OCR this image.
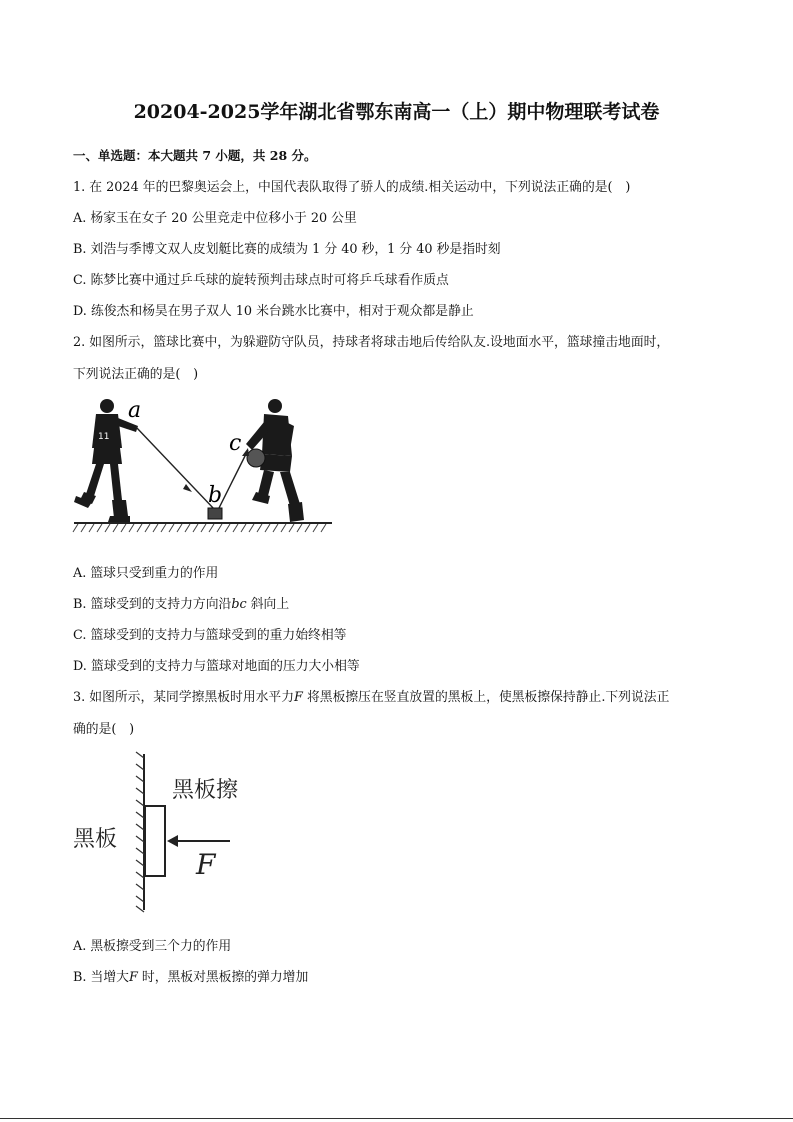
20204-2025学年湖北省鄂东南高一（上）期中物理联考试卷
一、单选题：本大题共 7 小题，共 28 分。
1. 在 2024 年的巴黎奥运会上，中国代表队取得了骄人的成绩.相关运动中，下列说法正确的是(　)
A. 杨家玉在女子 20 公里竞走中位移小于 20 公里
B. 刘浩与季博文双人皮划艇比赛的成绩为 1 分 40 秒，1 分 40 秒是指时刻
C. 陈梦比赛中通过乒乓球的旋转预判击球点时可将乒乓球看作质点
D. 练俊杰和杨昊在男子双人 10 米台跳水比赛中，相对于观众都是静止
2. 如图所示，篮球比赛中，为躲避防守队员，持球者将球击地后传给队友.设地面水平，篮球撞击地面时，
下列说法正确的是(　)
11
a
b
c
A. 篮球只受到重力的作用
B. 篮球受到的支持力方向沿bc 斜向上
C. 篮球受到的支持力与篮球受到的重力始终相等
D. 篮球受到的支持力与篮球对地面的压力大小相等
3. 如图所示，某同学擦黑板时用水平力F 将黑板擦压在竖直放置的黑板上，使黑板擦保持静止.下列说法正
确的是(　)
黑板擦
黑板
F
A. 黑板擦受到三个力的作用
B. 当增大F 时，黑板对黑板擦的弹力增加
